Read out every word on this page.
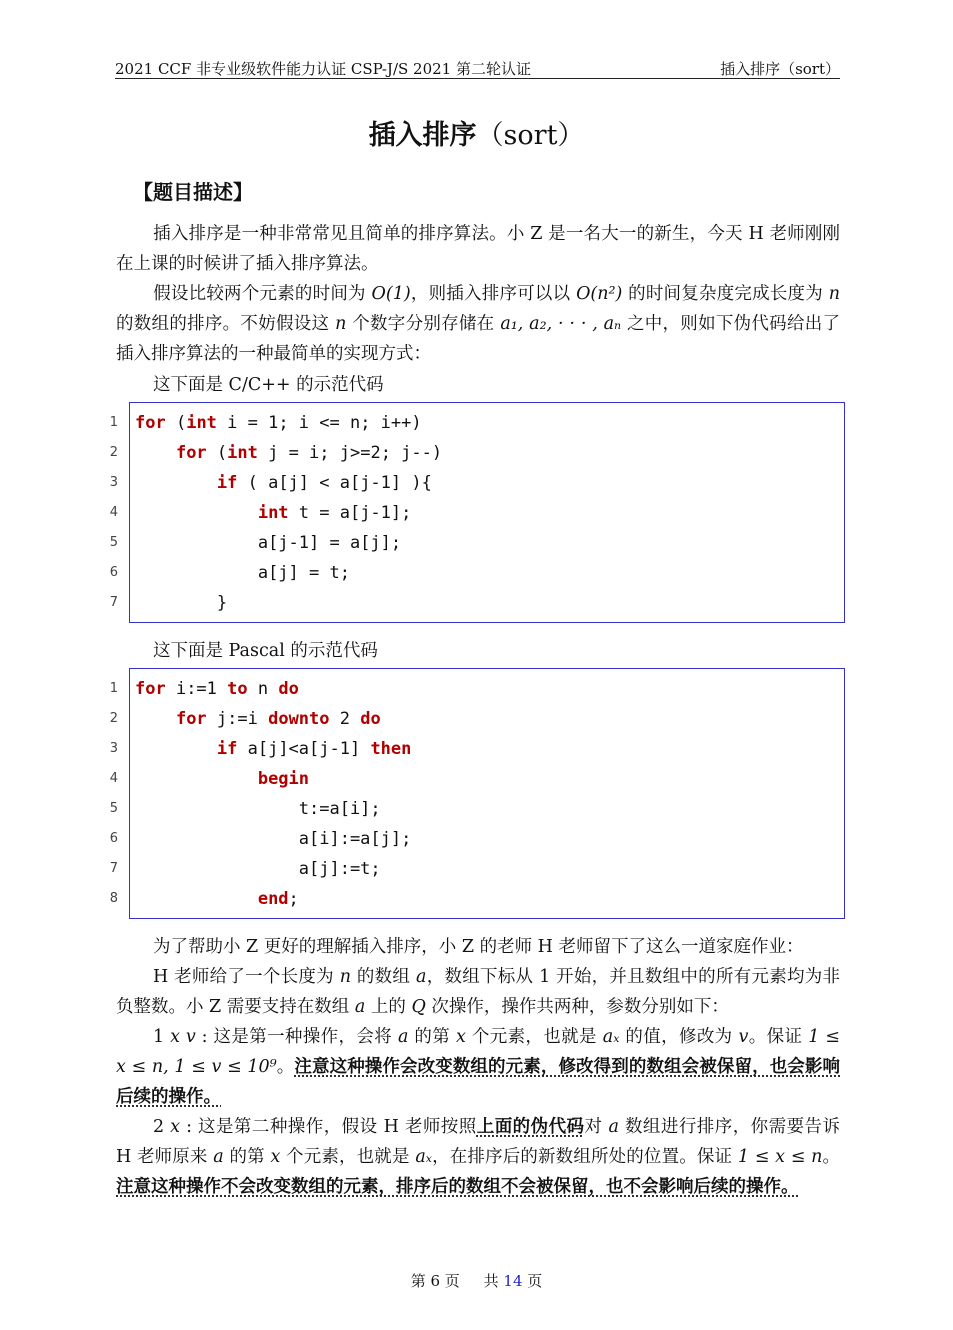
2021 CCF 非专业级软件能力认证 CSP-J/S 2021 第二轮认证	插入排序（sort）
插入排序（sort）
【题目描述】
插入排序是一种非常常见且简单的排序算法。小 Z 是一名大一的新生，今天 H 老师刚刚在上课的时候讲了插入排序算法。
假设比较两个元素的时间为 O(1)，则插入排序可以以 O(n²) 的时间复杂度完成长度为 n 的数组的排序。不妨假设这 n 个数字分别存储在 a₁, a₂, · · · , aₙ 之中，则如下伪代码给出了插入排序算法的一种最简单的实现方式：
这下面是 C/C++ 的示范代码
1 for (int i = 1; i <= n; i++)
2	for (int j = i; j>=2; j--)
3	if ( a[j] < a[j-1] ){
4	int t = a[j-1];
5	a[j-1] = a[j];
6	a[j] = t;
7	}
这下面是 Pascal 的示范代码
1 for i:=1 to n do
2	for j:=i downto 2 do
3	if a[j]<a[j-1] then
4	begin
5	t:=a[i];
6	a[i]:=a[j];
7	a[j]:=t;
8	end;
为了帮助小 Z 更好的理解插入排序，小 Z 的老师 H 老师留下了这么一道家庭作业：
H 老师给了一个长度为 n 的数组 a，数组下标从 1 开始，并且数组中的所有元素均为非负整数。小 Z 需要支持在数组 a 上的 Q 次操作，操作共两种，参数分别如下：
1 x v : 这是第一种操作，会将 a 的第 x 个元素，也就是 aₓ 的值，修改为 v。保证 1 ≤ x ≤ n, 1 ≤ v ≤ 10⁹。注意这种操作会改变数组的元素，修改得到的数组会被保留，也会影响后续的操作。
2 x : 这是第二种操作，假设 H 老师按照上面的伪代码对 a 数组进行排序，你需要告诉 H 老师原来 a 的第 x 个元素，也就是 aₓ，在排序后的新数组所处的位置。保证 1 ≤ x ≤ n。注意这种操作不会改变数组的元素，排序后的数组不会被保留，也不会影响后续的操作。
第 6 页 共 14 页
